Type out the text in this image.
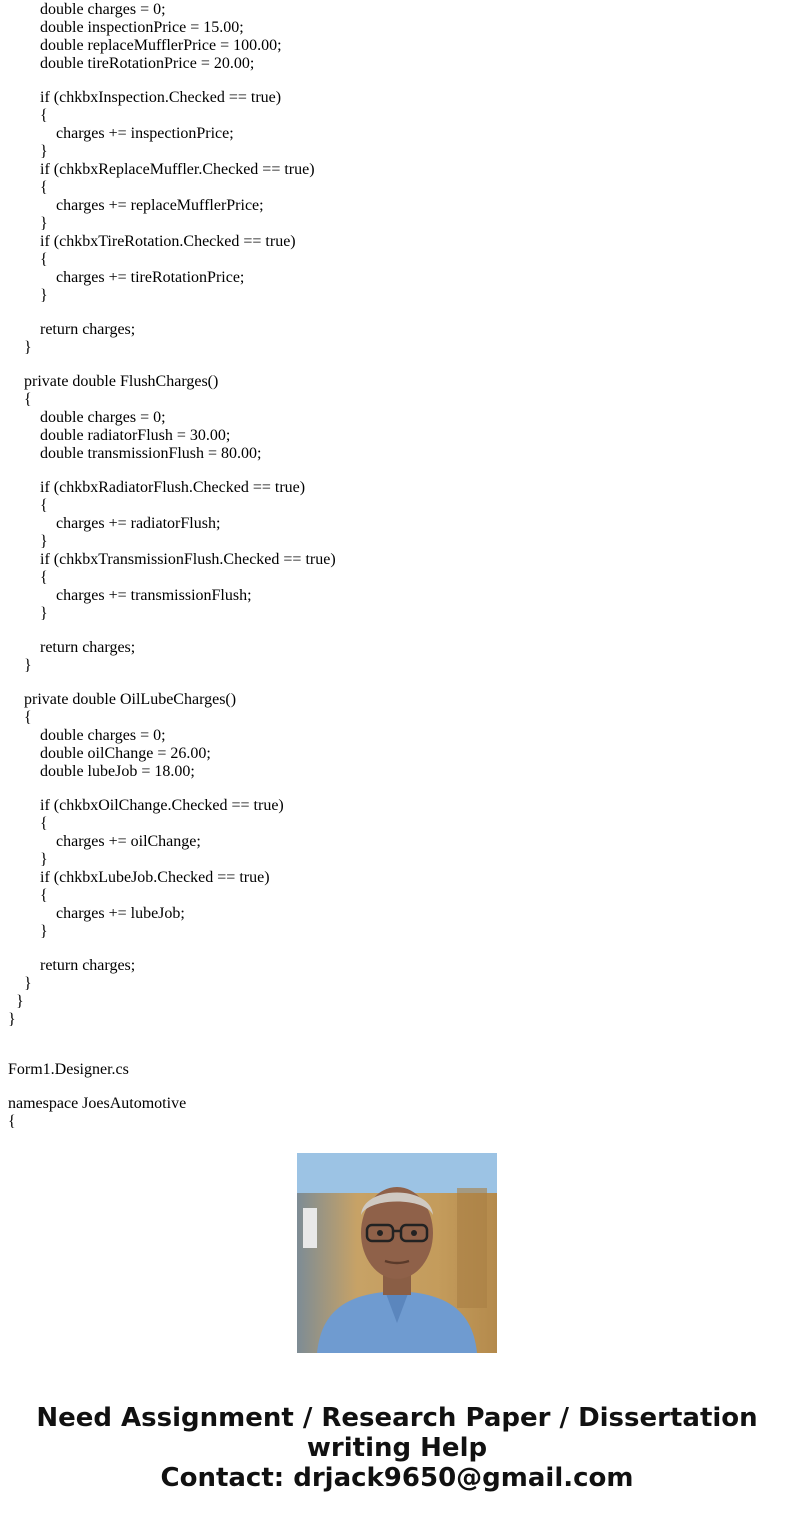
double charges = 0;
double inspectionPrice = 15.00;
double replaceMufflerPrice = 100.00;
double tireRotationPrice = 20.00;
if (chkbxInspection.Checked == true)
{
charges += inspectionPrice;
}
if (chkbxReplaceMuffler.Checked == true)
{
charges += replaceMufflerPrice;
}
if (chkbxTireRotation.Checked == true)
{
charges += tireRotationPrice;
}
return charges;
}
private double FlushCharges()
{
double charges = 0;
double radiatorFlush = 30.00;
double transmissionFlush = 80.00;
if (chkbxRadiatorFlush.Checked == true)
{
charges += radiatorFlush;
}
if (chkbxTransmissionFlush.Checked == true)
{
charges += transmissionFlush;
}
return charges;
}
private double OilLubeCharges()
{
double charges = 0;
double oilChange = 26.00;
double lubeJob = 18.00;
if (chkbxOilChange.Checked == true)
{
charges += oilChange;
}
if (chkbxLubeJob.Checked == true)
{
charges += lubeJob;
}
return charges;
}
}
}
Form1.Designer.cs
namespace JoesAutomotive
{
Need Assignment / Research Paper / Dissertation
writing Help
Contact: drjack9650@gmail.com
